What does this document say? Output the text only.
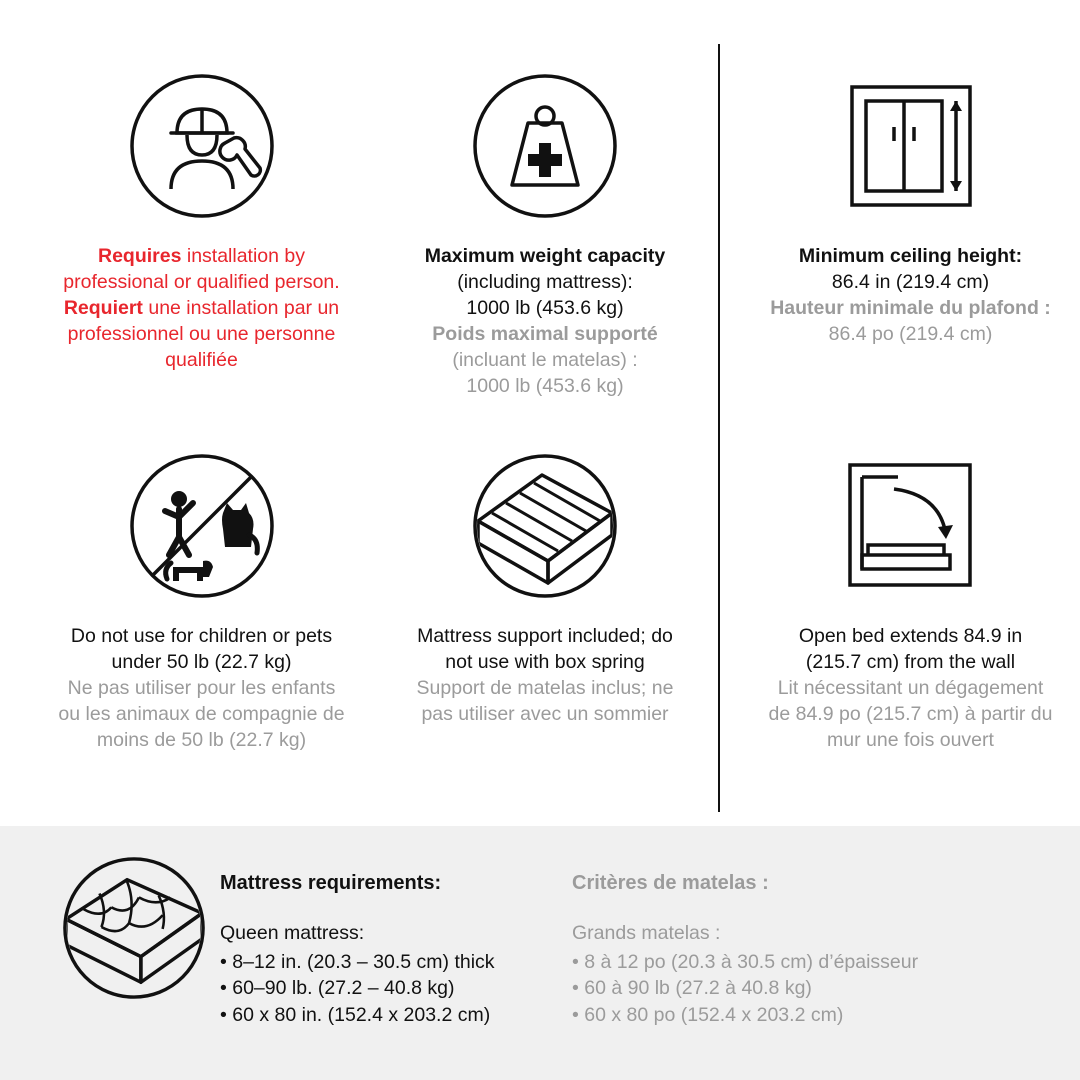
Requires installation by
professional or qualified person.
Requiert une installation par un
professionnel ou une personne
qualifiée
Maximum weight capacity
(including mattress):
1000 lb (453.6 kg)
Poids maximal supporté
(incluant le matelas) :
1000 lb (453.6 kg)
Minimum ceiling height:
86.4 in (219.4 cm)
Hauteur minimale du plafond :
86.4 po (219.4 cm)
Do not use for children or pets
under 50 lb (22.7 kg)
Ne pas utiliser pour les enfants
ou les animaux de compagnie de
moins de 50 lb (22.7 kg)
Mattress support included; do
not use with box spring
Support de matelas inclus; ne
pas utiliser avec un sommier
Open bed extends 84.9 in
(215.7 cm) from the wall
Lit nécessitant un dégagement
de 84.9 po (215.7 cm) à partir du
mur une fois ouvert
Mattress requirements:
Queen mattress:
• 8–12 in. (20.3 – 30.5 cm) thick
• 60–90 lb. (27.2 – 40.8 kg)
• 60 x 80 in. (152.4 x 203.2 cm)
Critères de matelas :
Grands matelas :
• 8 à 12 po (20.3 à 30.5 cm) d’épaisseur
• 60 à 90 lb (27.2 à 40.8 kg)
• 60 x 80 po (152.4 x 203.2 cm)
